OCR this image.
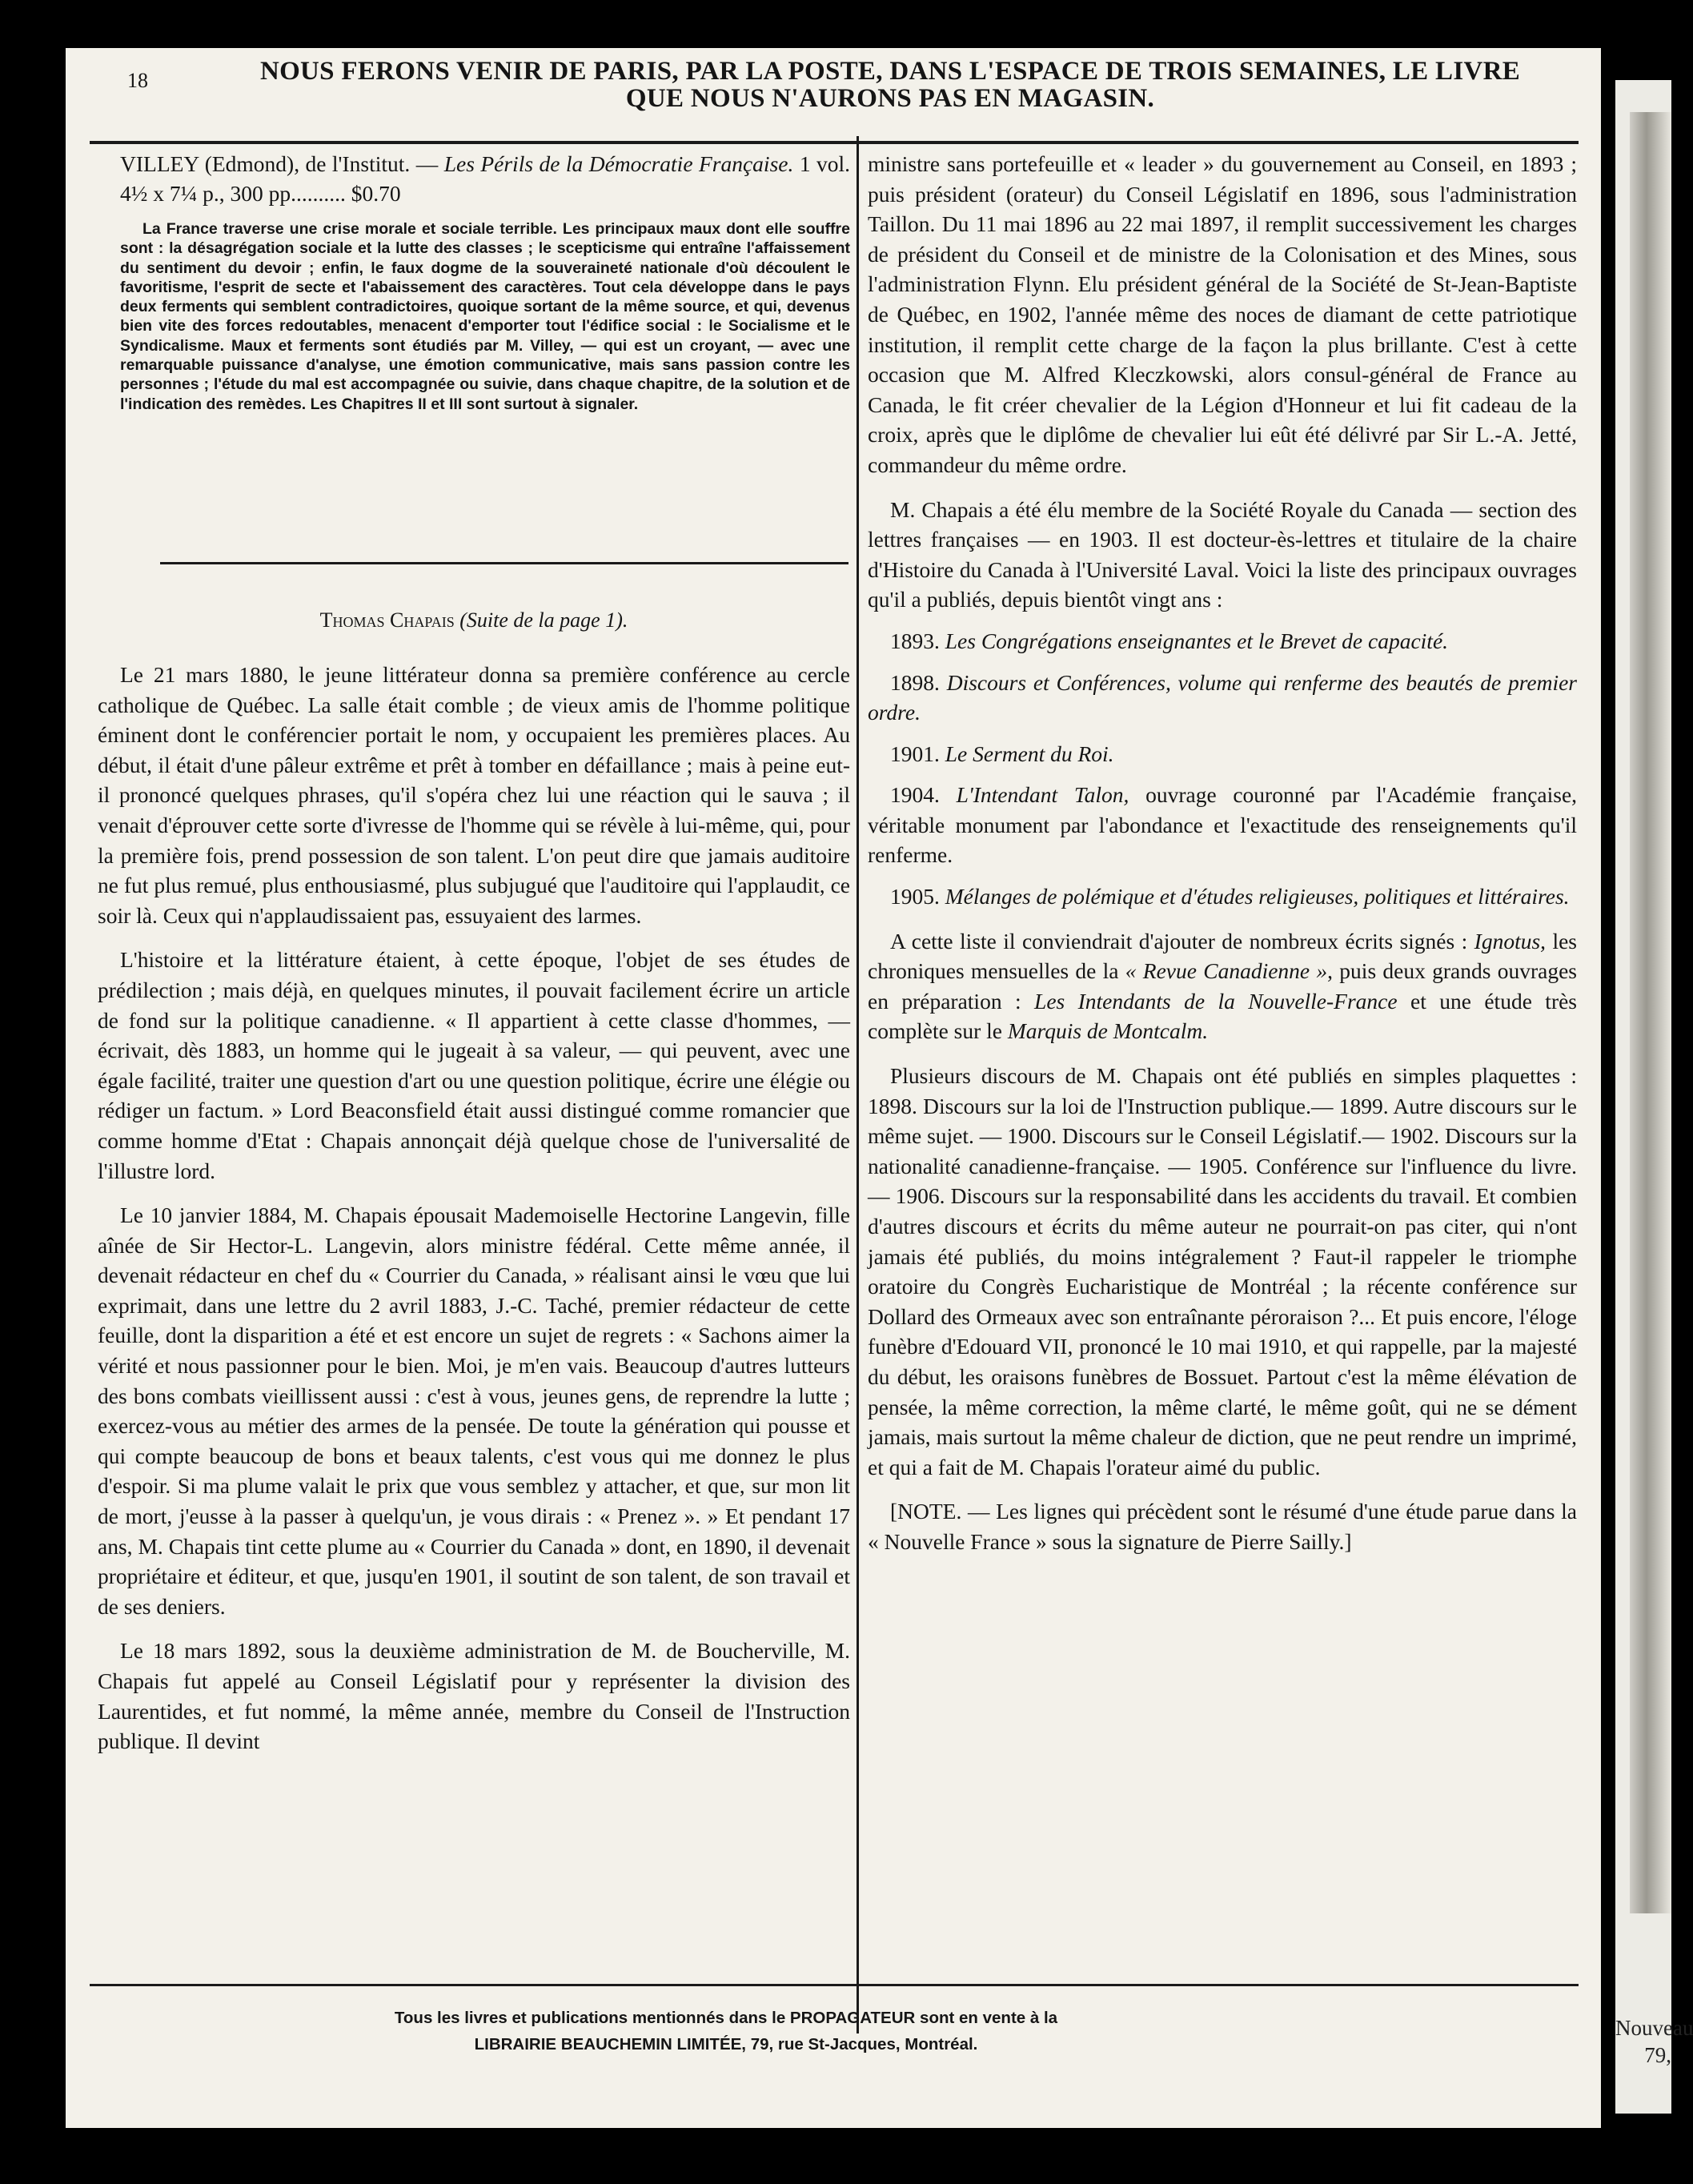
18	NOUS FERONS VENIR DE PARIS, PAR LA POSTE, DANS L'ESPACE DE TROIS SEMAINES, LE LIVRE
QUE NOUS N'AURONS PAS EN MAGASIN.

VILLEY (Edmond), de l'Institut. — Les Périls de la Démocratie Française. 1 vol. 4½ x 7¼ p., 300 pp.......... $0.70

La France traverse une crise morale et sociale terrible. Les principaux maux dont elle souffre sont : la désagrégation sociale et la lutte des classes ; le scepticisme qui entraîne l'affaissement du sentiment du devoir ; enfin, le faux dogme de la souveraineté nationale d'où découlent le favoritisme, l'esprit de secte et l'abaissement des caractères. Tout cela développe dans le pays deux ferments qui semblent contradictoires, quoique sortant de la même source, et qui, devenus bien vite des forces redoutables, menacent d'emporter tout l'édifice social : le Socialisme et le Syndicalisme. Maux et ferments sont étudiés par M. Villey, — qui est un croyant, — avec une remarquable puissance d'analyse, une émotion communicative, mais sans passion contre les personnes ; l'étude du mal est accompagnée ou suivie, dans chaque chapitre, de la solution et de l'indication des remèdes. Les Chapitres II et III sont surtout à signaler.

Thomas Chapais (Suite de la page 1).

Le 21 mars 1880, le jeune littérateur donna sa première conférence au cercle catholique de Québec. La salle était comble ; de vieux amis de l'homme politique éminent dont le conférencier portait le nom, y occupaient les premières places. Au début, il était d'une pâleur extrême et prêt à tomber en défaillance ; mais à peine eut-il prononcé quelques phrases, qu'il s'opéra chez lui une réaction qui le sauva ; il venait d'éprouver cette sorte d'ivresse de l'homme qui se révèle à lui-même, qui, pour la première fois, prend possession de son talent. L'on peut dire que jamais auditoire ne fut plus remué, plus enthousiasmé, plus subjugué que l'auditoire qui l'applaudit, ce soir là. Ceux qui n'applaudissaient pas, essuyaient des larmes.

L'histoire et la littérature étaient, à cette époque, l'objet de ses études de prédilection ; mais déjà, en quelques minutes, il pouvait facilement écrire un article de fond sur la politique canadienne. « Il appartient à cette classe d'hommes, — écrivait, dès 1883, un homme qui le jugeait à sa valeur, — qui peuvent, avec une égale facilité, traiter une question d'art ou une question politique, écrire une élégie ou rédiger un factum. » Lord Beaconsfield était aussi distingué comme romancier que comme homme d'Etat : Chapais annonçait déjà quelque chose de l'universalité de l'illustre lord.

Le 10 janvier 1884, M. Chapais épousait Mademoiselle Hectorine Langevin, fille aînée de Sir Hector-L. Langevin, alors ministre fédéral. Cette même année, il devenait rédacteur en chef du « Courrier du Canada, » réalisant ainsi le vœu que lui exprimait, dans une lettre du 2 avril 1883, J.-C. Taché, premier rédacteur de cette feuille, dont la disparition a été et est encore un sujet de regrets : « Sachons aimer la vérité et nous passionner pour le bien. Moi, je m'en vais. Beaucoup d'autres lutteurs des bons combats vieillissent aussi : c'est à vous, jeunes gens, de reprendre la lutte ; exercez-vous au métier des armes de la pensée. De toute la génération qui pousse et qui compte beaucoup de bons et beaux talents, c'est vous qui me donnez le plus d'espoir. Si ma plume valait le prix que vous semblez y attacher, et que, sur mon lit de mort, j'eusse à la passer à quelqu'un, je vous dirais : « Prenez ». » Et pendant 17 ans, M. Chapais tint cette plume au « Courrier du Canada » dont, en 1890, il devenait propriétaire et éditeur, et que, jusqu'en 1901, il soutint de son talent, de son travail et de ses deniers.

Le 18 mars 1892, sous la deuxième administration de M. de Boucherville, M. Chapais fut appelé au Conseil Législatif pour y représenter la division des Laurentides, et fut nommé, la même année, membre du Conseil de l'Instruction publique. Il devint

ministre sans portefeuille et « leader » du gouvernement au Conseil, en 1893 ; puis président (orateur) du Conseil Législatif en 1896, sous l'administration Taillon. Du 11 mai 1896 au 22 mai 1897, il remplit successivement les charges de président du Conseil et de ministre de la Colonisation et des Mines, sous l'administration Flynn. Elu président général de la Société de St-Jean-Baptiste de Québec, en 1902, l'année même des noces de diamant de cette patriotique institution, il remplit cette charge de la façon la plus brillante. C'est à cette occasion que M. Alfred Kleczkowski, alors consul-général de France au Canada, le fit créer chevalier de la Légion d'Honneur et lui fit cadeau de la croix, après que le diplôme de chevalier lui eût été délivré par Sir L.-A. Jetté, commandeur du même ordre.

M. Chapais a été élu membre de la Société Royale du Canada — section des lettres françaises — en 1903. Il est docteur-ès-lettres et titulaire de la chaire d'Histoire du Canada à l'Université Laval. Voici la liste des principaux ouvrages qu'il a publiés, depuis bientôt vingt ans :

1893. Les Congrégations enseignantes et le Brevet de capacité.

1898. Discours et Conférences, volume qui renferme des beautés de premier ordre.

1901. Le Serment du Roi.

1904. L'Intendant Talon, ouvrage couronné par l'Académie française, véritable monument par l'abondance et l'exactitude des renseignements qu'il renferme.

1905. Mélanges de polémique et d'études religieuses, politiques et littéraires.

A cette liste il conviendrait d'ajouter de nombreux écrits signés : Ignotus, les chroniques mensuelles de la « Revue Canadienne », puis deux grands ouvrages en préparation : Les Intendants de la Nouvelle-France et une étude très complète sur le Marquis de Montcalm.

Plusieurs discours de M. Chapais ont été publiés en simples plaquettes : 1898. Discours sur la loi de l'Instruction publique.— 1899. Autre discours sur le même sujet. — 1900. Discours sur le Conseil Législatif.— 1902. Discours sur la nationalité canadienne-française. — 1905. Conférence sur l'influence du livre. — 1906. Discours sur la responsabilité dans les accidents du travail. Et combien d'autres discours et écrits du même auteur ne pourrait-on pas citer, qui n'ont jamais été publiés, du moins intégralement ? Faut-il rappeler le triomphe oratoire du Congrès Eucharistique de Montréal ; la récente conférence sur Dollard des Ormeaux avec son entraînante péroraison ?... Et puis encore, l'éloge funèbre d'Edouard VII, prononcé le 10 mai 1910, et qui rappelle, par la majesté du début, les oraisons funèbres de Bossuet. Partout c'est la même élévation de pensée, la même correction, la même clarté, le même goût, qui ne se dément jamais, mais surtout la même chaleur de diction, que ne peut rendre un imprimé, et qui a fait de M. Chapais l'orateur aimé du public.

[NOTE. — Les lignes qui précèdent sont le résumé d'une étude parue dans la « Nouvelle France » sous la signature de Pierre Sailly.]

Tous les livres et publications mentionnés dans le PROPAGATEUR sont en vente à la
LIBRAIRIE BEAUCHEMIN LIMITÉE, 79, rue St-Jacques, Montréal.
Nouveau
79,
